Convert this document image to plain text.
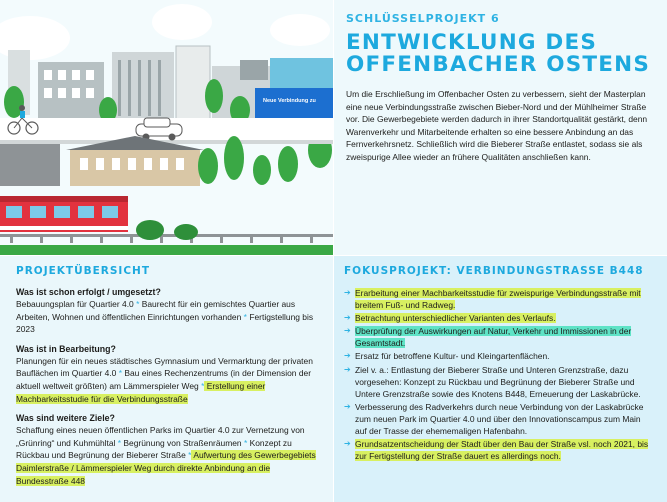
Neue Verbindung zu
SCHLÜSSELPROJEKT 6
ENTWICKLUNG DES
OFFENBACHER OSTENS

Um die Erschließung im Offenbacher Osten zu verbessern, sieht der Masterplan eine neue Verbindungsstraße zwischen Bieber-Nord und der Mühlheimer Straße vor. Die Gewerbegebiete werden dadurch in ihrer Standortqualität gestärkt, denn Warenverkehr und Mitarbeitende erhalten so eine bessere Anbindung an das Fernverkehrsnetz. Schließlich wird die Bieberer Straße entlastet, sodass sie als zweispurige Allee wieder an frühere Qualitäten anschließen kann.

PROJEKTÜBERSICHT
Was ist schon erfolgt / umgesetzt?

Bebauungsplan für Quartier 4.0 * Baurecht für ein gemischtes Quartier aus Arbeiten, Wohnen und öffentlichen Einrichtungen vorhanden * Fertigstellung bis 2023

Was ist in Bearbeitung?

Planungen für ein neues städtisches Gymnasium und Vermarktung der privaten Bauflächen im Quartier 4.0 * Bau eines Rechenzentrums (in der Dimension der aktuell weltweit größten) am Lämmerspieler Weg * Erstellung einer Machbarkeitsstudie für die Verbindungsstraße

Was sind weitere Ziele?

Schaffung eines neuen öffentlichen Parks im Quartier 4.0 zur Vernetzung von „Grünring“ und Kuhmühltal * Begrünung von Straßenräumen * Konzept zu Rückbau und Begrünung der Bieberer Straße * Aufwertung des Gewerbegebiets Daimlerstraße / Lämmerspieler Weg durch direkte Anbindung an die Bundesstraße 448

FOKUSPROJEKT: VERBINDUNGSTRASSE B448
➔ Erarbeitung einer Machbarkeitsstudie für zweispurige Verbindungsstraße mit breitem Fuß- und Radweg.
➔ Betrachtung unterschiedlicher Varianten des Verlaufs.
➔ Überprüfung der Auswirkungen auf Natur, Verkehr und Immissionen in der Gesamtstadt.
➔ Ersatz für betroffene Kultur- und Kleingartenflächen.
➔ Ziel v. a.: Entlastung der Bieberer Straße und Unteren Grenzstraße, dazu vorgesehen: Konzept zu Rückbau und Begrünung der Bieberer Straße und Untere Grenzstraße sowie des Knotens B448, Erneuerung der Laskabrücke.
➔ Verbesserung des Radverkehrs durch neue Verbindung von der Laskabrücke zum neuen Park im Quartier 4.0 und über den Innovationscampus zum Main auf der Trasse der ehememaligen Hafenbahn.
➔ Grundsatzentscheidung der Stadt über den Bau der Straße vsl. noch 2021, bis zur Fertigstellung der Straße dauert es allerdings noch.
